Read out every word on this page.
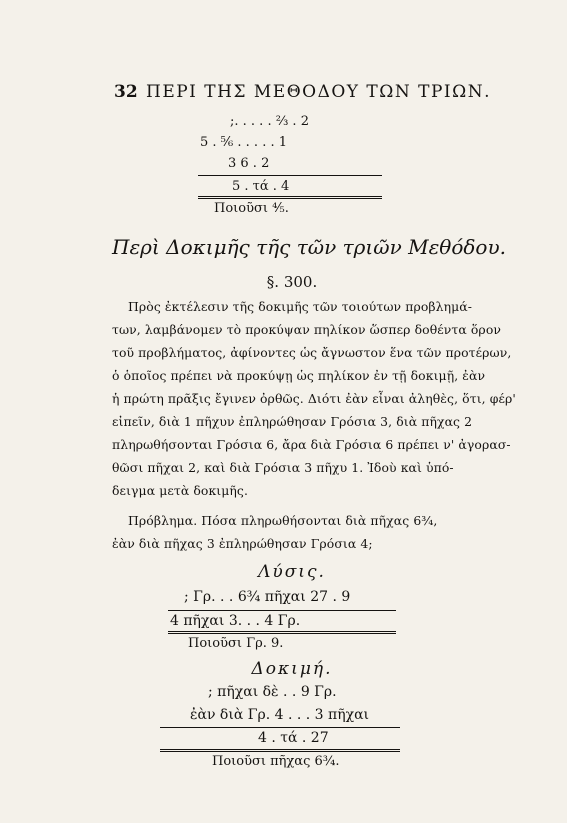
32 ΠΕΡΙ ΤΗΣ ΜΕΘΟΔΟΥ ΤΩΝ ΤΡΙΩΝ.
;. . . . . ⅔ . 2
5 . ⅚ . . . . . 1
3 6 . 2
5 . τά . 4
Ποιοῦσι ⁴⁄₅.
Περὶ Δοκιμῆς τῆς τῶν τριῶν Μεθόδου.
§. 300.
Πρὸς ἐκτέλεσιν τῆς δοκιμῆς τῶν τοιούτων προβλημά-
των, λαμβάνομεν τὸ προκύψαν πηλίκον ὥσπερ δοθέντα ὅρον
τοῦ προβλήματος, ἀφίνοντες ὡς ἄγνωστον ἕνα τῶν προτέρων,
ὁ ὁποῖος πρέπει νὰ προκύψῃ ὡς πηλίκον ἐν τῇ δοκιμῇ, ἐὰν
ἡ πρώτη πρᾶξις ἔγινεν ὀρθῶς. Διότι ἐὰν εἶναι ἀληθὲς, ὅτι, φέρ'
εἰπεῖν, διὰ 1 πῆχυν ἐπληρώθησαν Γρόσια 3, διὰ πῆχας 2
πληρωθήσονται Γρόσια 6, ἄρα διὰ Γρόσια 6 πρέπει ν' ἀγορασ-
θῶσι πῆχαι 2, καὶ διὰ Γρόσια 3 πῆχυ 1. Ἰδοὺ καὶ ὑπό-
δειγμα μετὰ δοκιμῆς.
Πρόβλημα. Πόσα πληρωθήσονται διὰ πῆχας 6¾,
ἐὰν διὰ πῆχας 3 ἐπληρώθησαν Γρόσια 4;
Λύσις.
; Γρ. . . 6¾ πῆχαι 27 . 9
4 πῆχαι 3. . . 4 Γρ.
Ποιοῦσι Γρ. 9.
Δοκιμή.
; πῆχαι δὲ . . 9 Γρ.
ἐὰν διὰ Γρ. 4 . . . 3 πῆχαι
4 . τά . 27
Ποιοῦσι πῆχας 6¾.
